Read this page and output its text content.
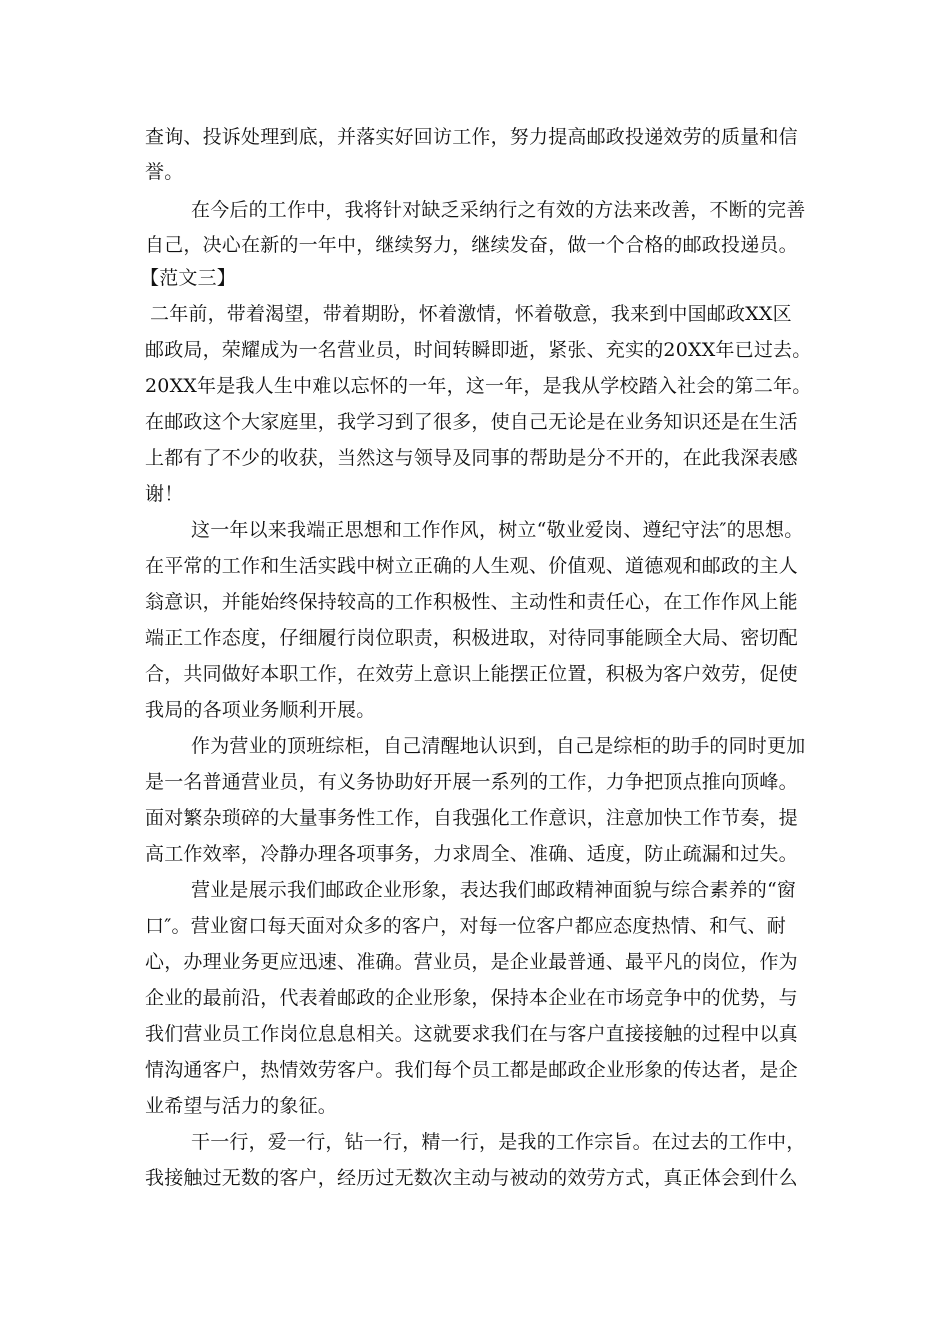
查询、投诉处理到底，并落实好回访工作，努力提高邮政投递效劳的质量和信
誉。
在今后的工作中，我将针对缺乏采纳行之有效的方法来改善，不断的完善
自己，决心在新的一年中，继续努力，继续发奋，做一个合格的邮政投递员。
【范文三】
二年前，带着渴望，带着期盼，怀着激情，怀着敬意，我来到中国邮政XX区
邮政局，荣耀成为一名营业员，时间转瞬即逝，紧张、充实的20XX年已过去。
20XX年是我人生中难以忘怀的一年，这一年，是我从学校踏入社会的第二年。
在邮政这个大家庭里，我学习到了很多，使自己无论是在业务知识还是在生活
上都有了不少的收获，当然这与领导及同事的帮助是分不开的，在此我深表感
谢！
这一年以来我端正思想和工作作风，树立“敬业爱岗、遵纪守法″的思想。
在平常的工作和生活实践中树立正确的人生观、价值观、道德观和邮政的主人
翁意识，并能始终保持较高的工作积极性、主动性和责任心，在工作作风上能
端正工作态度，仔细履行岗位职责，积极进取，对待同事能顾全大局、密切配
合，共同做好本职工作，在效劳上意识上能摆正位置，积极为客户效劳，促使
我局的各项业务顺利开展。
作为营业的顶班综柜，自己清醒地认识到，自己是综柜的助手的同时更加
是一名普通营业员，有义务协助好开展一系列的工作，力争把顶点推向顶峰。
面对繁杂琐碎的大量事务性工作，自我强化工作意识，注意加快工作节奏，提
高工作效率，冷静办理各项事务，力求周全、准确、适度，防止疏漏和过失。
营业是展示我们邮政企业形象，表达我们邮政精神面貌与综合素养的“窗
口″。营业窗口每天面对众多的客户，对每一位客户都应态度热情、和气、耐
心，办理业务更应迅速、准确。营业员，是企业最普通、最平凡的岗位，作为
企业的最前沿，代表着邮政的企业形象，保持本企业在市场竞争中的优势，与
我们营业员工作岗位息息相关。这就要求我们在与客户直接接触的过程中以真
情沟通客户，热情效劳客户。我们每个员工都是邮政企业形象的传达者，是企
业希望与活力的象征。
干一行，爱一行，钻一行，精一行，是我的工作宗旨。在过去的工作中，
我接触过无数的客户，经历过无数次主动与被动的效劳方式，真正体会到什么
